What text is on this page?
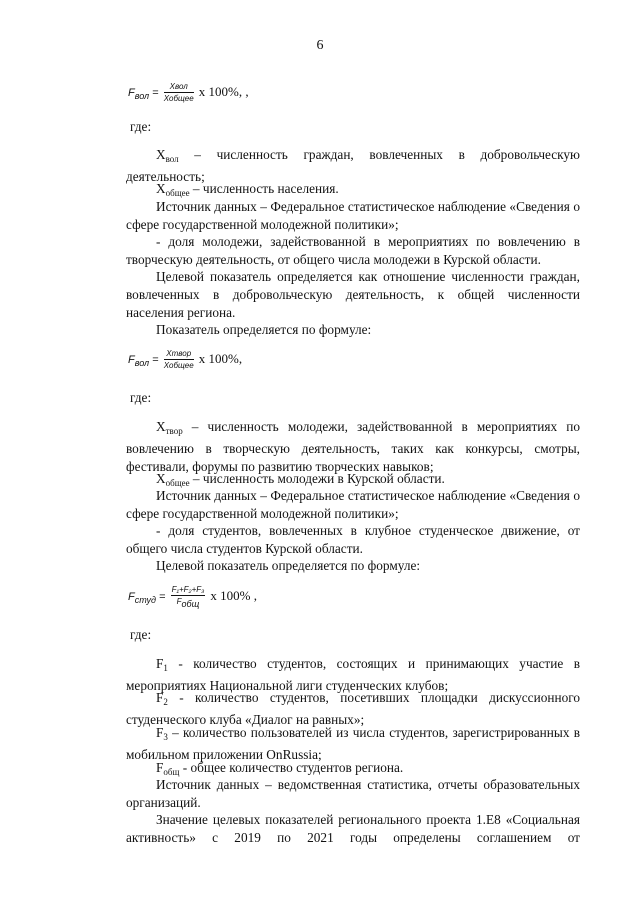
6
$F_{вол}$ =
Xвол
Xобщее x 100%, ,
где:
$X_{вол}$ – численность граждан, вовлеченных в добровольческую деятельность;
$X_{общее}$ – численность населения.
Источник данных – Федеральное статистическое наблюдение «Сведения о сфере государственной молодежной политики»;
- доля молодежи, задействованной в мероприятиях по вовлечению в творческую деятельность, от общего числа молодежи в Курской области.
Целевой показатель определяется как отношение численности граждан, вовлеченных в добровольческую деятельность, к общей численности населения региона.
Показатель определяется по формуле:
$F_{вол}$ =
Xтвор
Xобщее x 100%,
где:
$X_{твор}$ – численность молодежи, задействованной в мероприятиях по вовлечению в творческую деятельность, таких как конкурсы, смотры, фестивали, форумы по развитию творческих навыков;
$X_{общее}$ – численность молодежи в Курской области.
Источник данных – Федеральное статистическое наблюдение «Сведения о сфере государственной молодежной политики»;
- доля студентов, вовлеченных в клубное студенческое движение, от общего числа студентов Курской области.
Целевой показатель определяется по формуле:
$F_{студ}$ =
F₁+F₂+F₃
Fобщ
x 100% ,
где:
$F_1$ - количество студентов, состоящих и принимающих участие в мероприятиях Национальной лиги студенческих клубов;
$F_2$ - количество студентов, посетивших площадки дискуссионного студенческого клуба «Диалог на равных»;
$F_3$ – количество пользователей из числа студентов, зарегистрированных в мобильном приложении OnRussia;
$F_{общ}$ - общее количество студентов региона.
Источник данных – ведомственная статистика, отчеты образовательных организаций.
Значение целевых показателей регионального проекта 1.E8 «Социальная активность» с 2019 по 2021 годы определены соглашением от
